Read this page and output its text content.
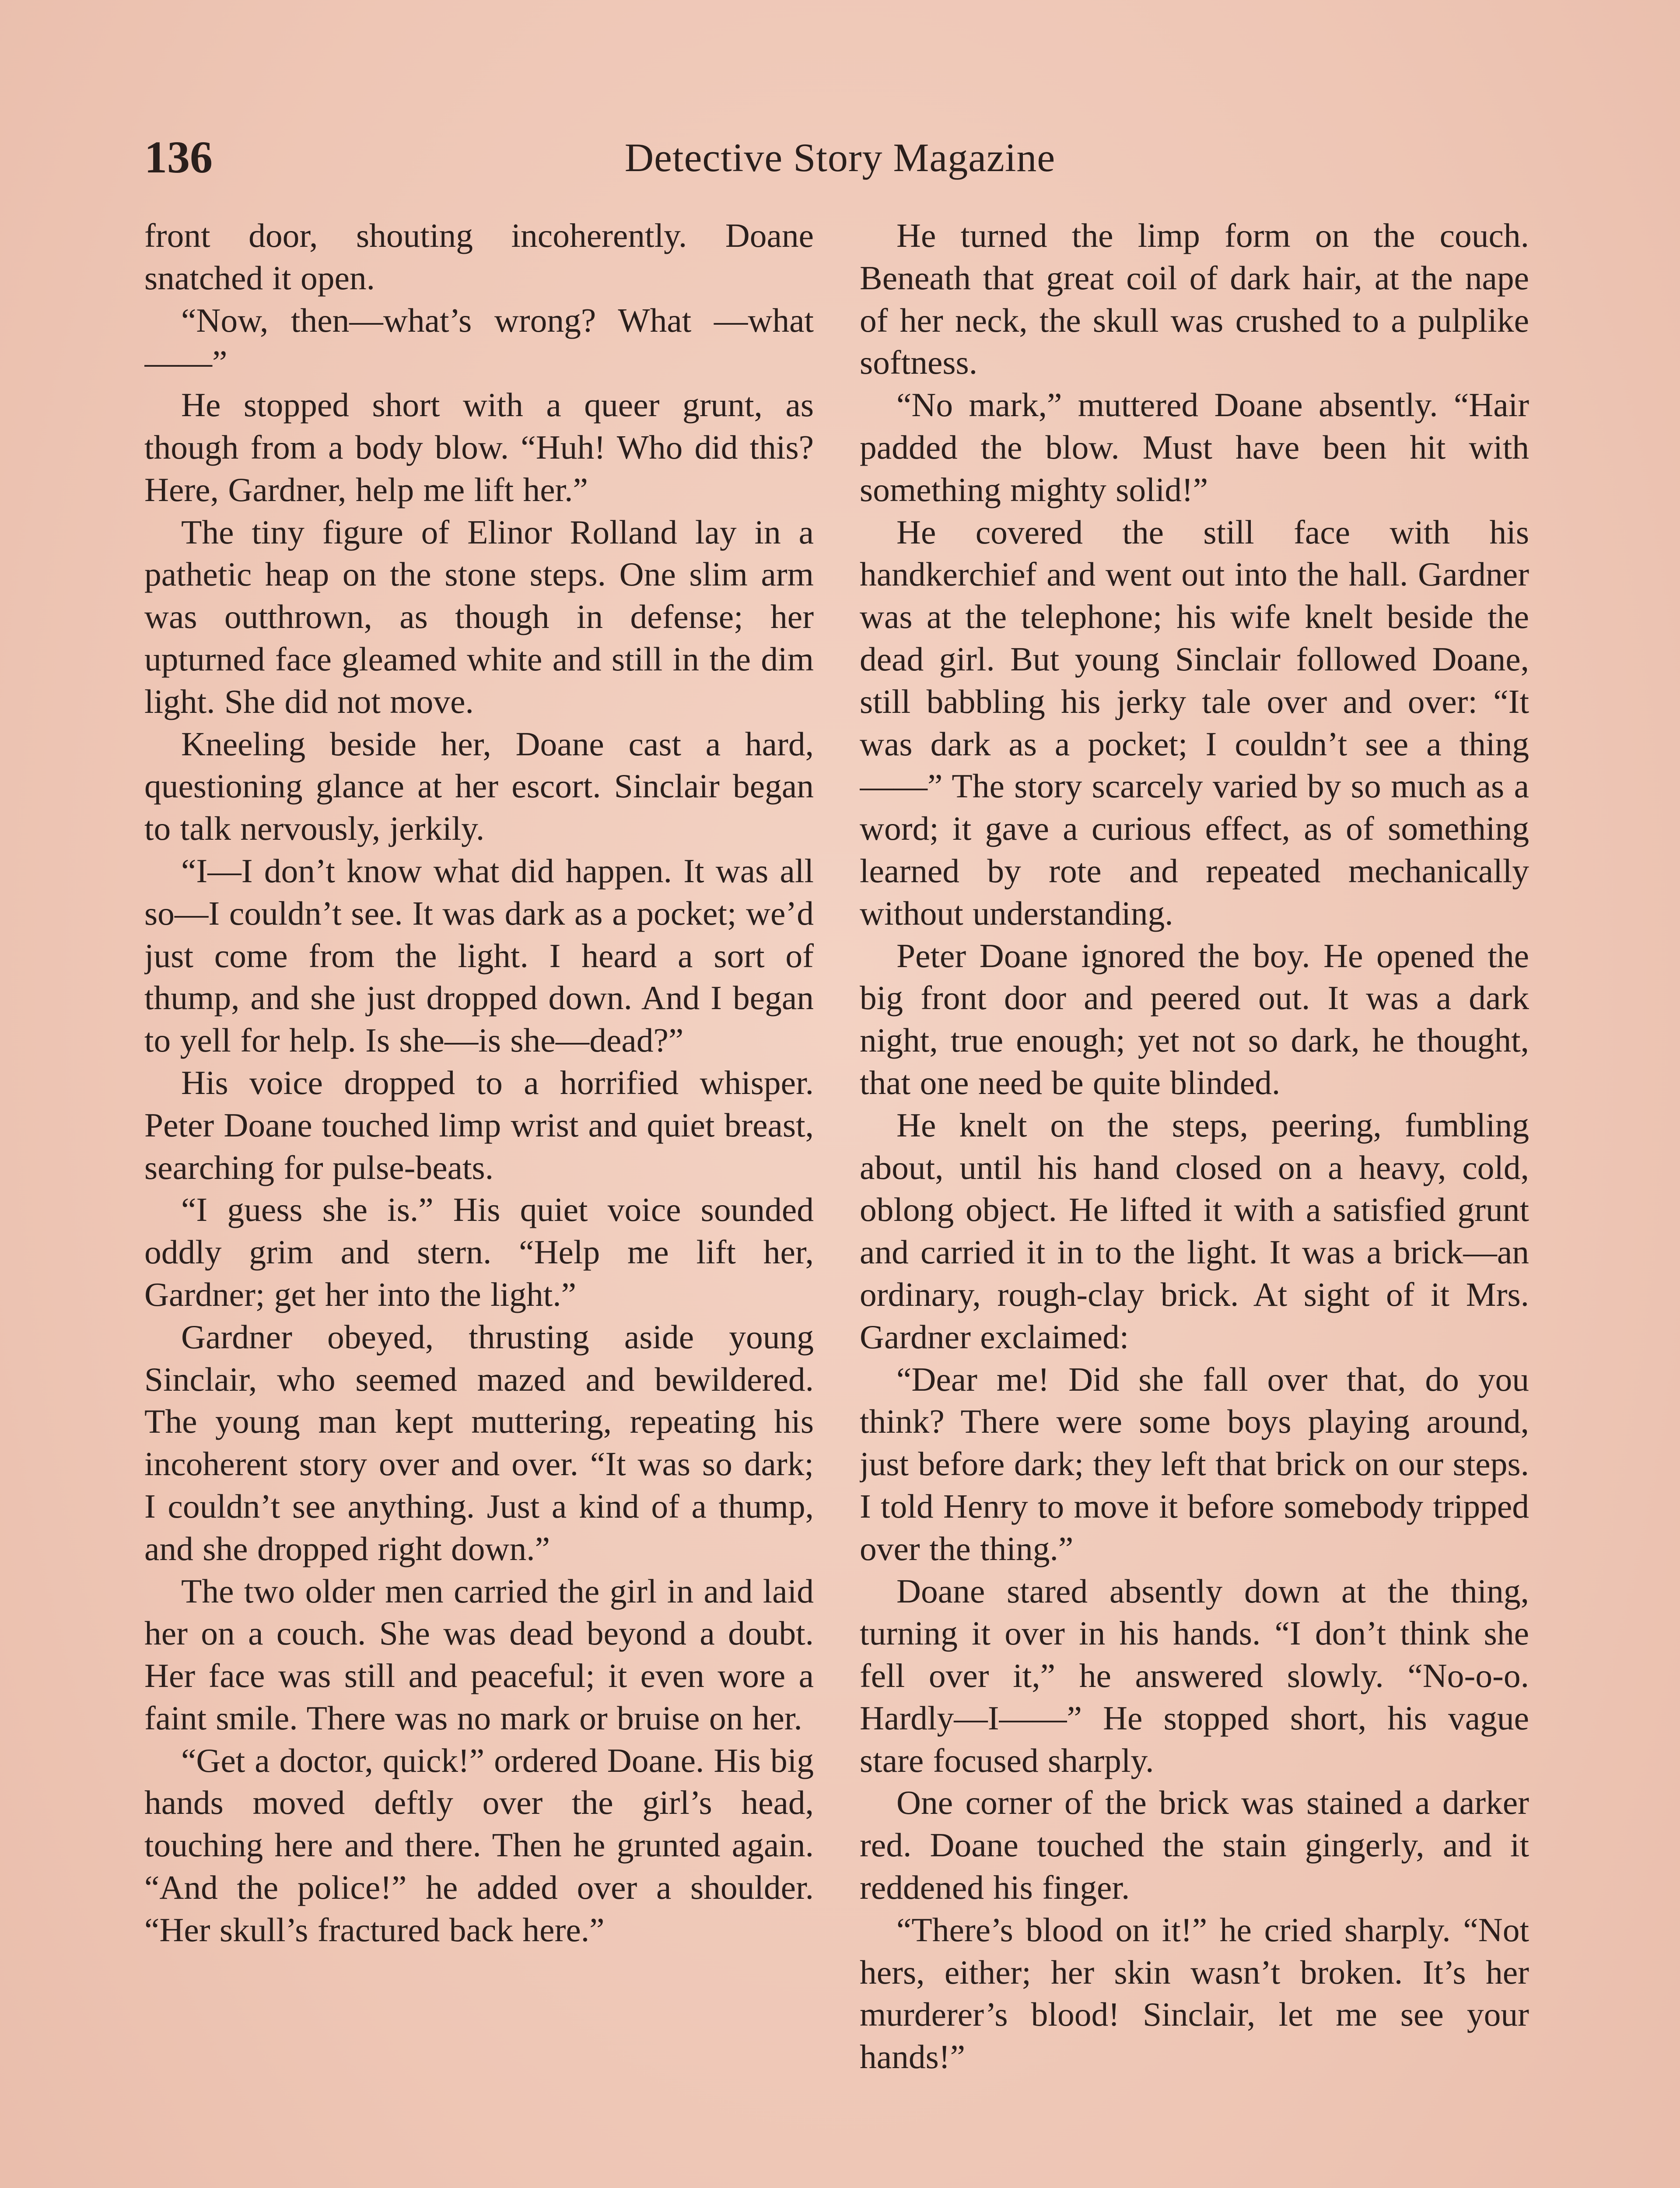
136	Detective Story Magazine

front door, shouting incoherently. Doane snatched it open.

“Now, then—what’s wrong? What —what——”

He stopped short with a queer grunt, as though from a body blow. “Huh! Who did this? Here, Gardner, help me lift her.”

The tiny figure of Elinor Rolland lay in a pathetic heap on the stone steps. One slim arm was outthrown, as though in defense; her upturned face gleamed white and still in the dim light. She did not move.

Kneeling beside her, Doane cast a hard, questioning glance at her escort. Sinclair began to talk nervously, jerkily.

“I—I don’t know what did happen. It was all so—I couldn’t see. It was dark as a pocket; we’d just come from the light. I heard a sort of thump, and she just dropped down. And I began to yell for help. Is she—is she—dead?”

His voice dropped to a horrified whisper. Peter Doane touched limp wrist and quiet breast, searching for pulse-beats.

“I guess she is.” His quiet voice sounded oddly grim and stern. “Help me lift her, Gardner; get her into the light.”

Gardner obeyed, thrusting aside young Sinclair, who seemed mazed and bewildered. The young man kept muttering, repeating his incoherent story over and over. “It was so dark; I couldn’t see anything. Just a kind of a thump, and she dropped right down.”

The two older men carried the girl in and laid her on a couch. She was dead beyond a doubt. Her face was still and peaceful; it even wore a faint smile. There was no mark or bruise on her.

“Get a doctor, quick!” ordered Doane. His big hands moved deftly over the girl’s head, touching here and there. Then he grunted again. “And the police!” he added over a shoulder. “Her skull’s fractured back here.”

He turned the limp form on the couch. Beneath that great coil of dark hair, at the nape of her neck, the skull was crushed to a pulplike softness.

“No mark,” muttered Doane absently. “Hair padded the blow. Must have been hit with something mighty solid!”

He covered the still face with his handkerchief and went out into the hall. Gardner was at the telephone; his wife knelt beside the dead girl. But young Sinclair followed Doane, still babbling his jerky tale over and over: “It was dark as a pocket; I couldn’t see a thing——” The story scarcely varied by so much as a word; it gave a curious effect, as of something learned by rote and repeated mechanically without understanding.

Peter Doane ignored the boy. He opened the big front door and peered out. It was a dark night, true enough; yet not so dark, he thought, that one need be quite blinded.

He knelt on the steps, peering, fumbling about, until his hand closed on a heavy, cold, oblong object. He lifted it with a satisfied grunt and carried it in to the light. It was a brick—an ordinary, rough-clay brick. At sight of it Mrs. Gardner exclaimed:

“Dear me! Did she fall over that, do you think? There were some boys playing around, just before dark; they left that brick on our steps. I told Henry to move it before somebody tripped over the thing.”

Doane stared absently down at the thing, turning it over in his hands. “I don’t think she fell over it,” he answered slowly. “No-o-o. Hardly—I——” He stopped short, his vague stare focused sharply.

One corner of the brick was stained a darker red. Doane touched the stain gingerly, and it reddened his finger.

“There’s blood on it!” he cried sharply. “Not hers, either; her skin wasn’t broken. It’s her murderer’s blood! Sinclair, let me see your hands!”
